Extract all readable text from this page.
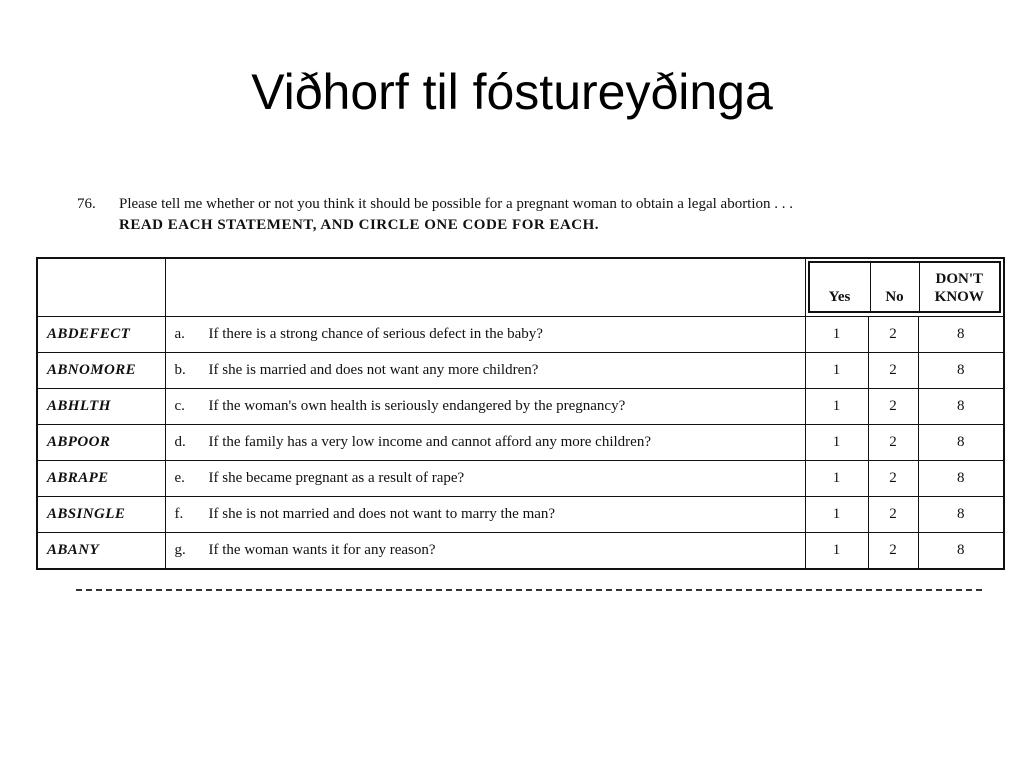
Viðhorf til fóstureyðinga
76. Please tell me whether or not you think it should be possible for a pregnant woman to obtain a legal abortion . . .
READ EACH STATEMENT, AND CIRCLE ONE CODE FOR EACH.

Yes No
DON'T
KNOW

ABDEFECT	a. If there is a strong chance of serious defect in the baby?	1 2 8

ABNOMORE	b. If she is married and does not want any more children?	1 2 8

ABHLTH	c. If the woman's own health is seriously endangered by the pregnancy?	1 2 8

ABPOOR	d. If the family has a very low income and cannot afford any more children?	1 2 8

ABRAPE	e. If she became pregnant as a result of rape?	1 2 8

ABSINGLE	f. If she is not married and does not want to marry the man?	1 2 8

ABANY	g. If the woman wants it for any reason?	1 2 8
